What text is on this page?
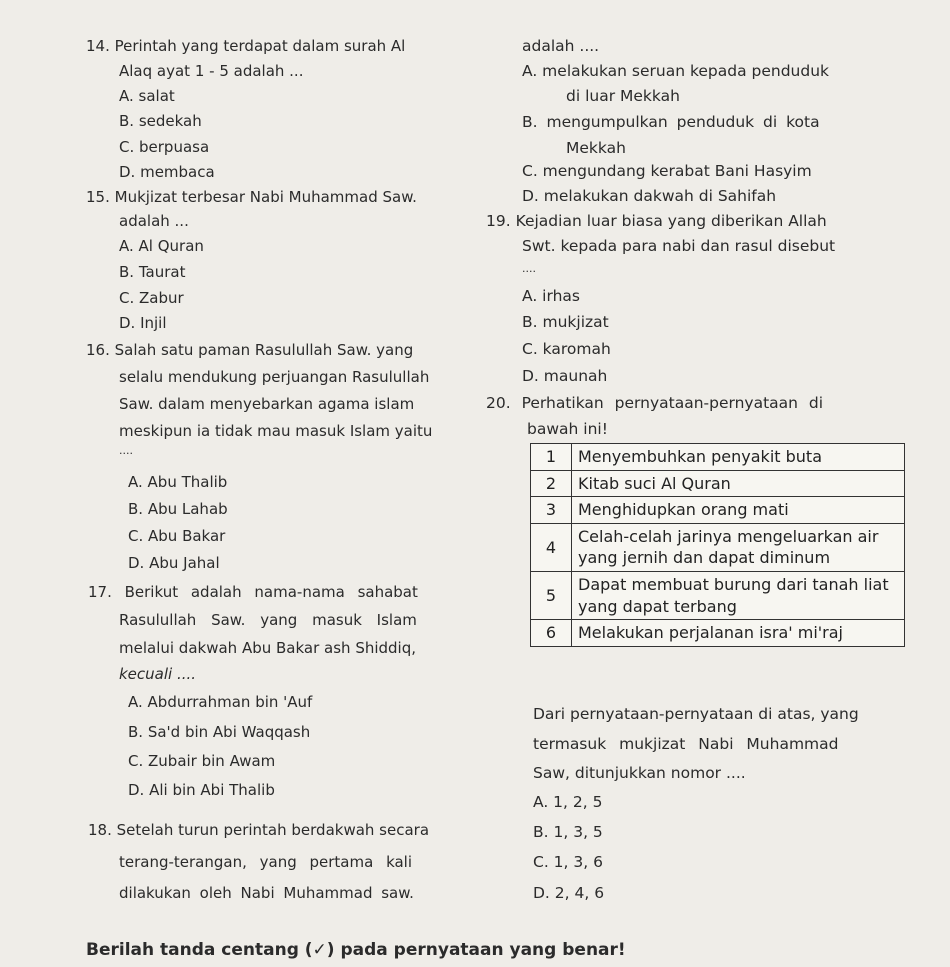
14. Perintah yang terdapat dalam surah Al
Alaq ayat 1 - 5 adalah ...
A. salat
B. sedekah
C. berpuasa
D. membaca
15. Mukjizat terbesar Nabi Muhammad Saw.
adalah ...
A. Al Quran
B. Taurat
C. Zabur
D. Injil
16. Salah satu paman Rasulullah Saw. yang
selalu mendukung perjuangan Rasulullah
Saw. dalam menyebarkan agama islam
meskipun ia tidak mau masuk Islam yaitu
....
A. Abu Thalib
B. Abu Lahab
C. Abu Bakar
D. Abu Jahal
17. Berikut adalah nama-nama sahabat
Rasulullah Saw. yang masuk Islam
melalui dakwah Abu Bakar ash Shiddiq,
kecuali ....
A. Abdurrahman bin 'Auf
B. Sa'd bin Abi Waqqash
C. Zubair bin Awam
D. Ali bin Abi Thalib
18. Setelah turun perintah berdakwah secara
terang-terangan, yang pertama kali
dilakukan oleh Nabi Muhammad saw.
adalah ....
A. melakukan seruan kepada penduduk
di luar Mekkah
B. mengumpulkan penduduk di kota
Mekkah
C. mengundang kerabat Bani Hasyim
D. melakukan dakwah di Sahifah
19. Kejadian luar biasa yang diberikan Allah
Swt. kepada para nabi dan rasul disebut
....
A. irhas
B. mukjizat
C. karomah
D. maunah
20. Perhatikan pernyataan-pernyataan di
bawah ini!
1	Menyembuhkan penyakit buta
2	Kitab suci Al Quran
3	Menghidupkan orang mati
4	Celah-celah jarinya mengeluarkan air yang jernih dan dapat diminum
5	Dapat membuat burung dari tanah liat yang dapat terbang
6	Melakukan perjalanan isra' mi'raj
Dari pernyataan-pernyataan di atas, yang
termasuk mukjizat Nabi Muhammad
Saw, ditunjukkan nomor ....
A. 1, 2, 5
B. 1, 3, 5
C. 1, 3, 6
D. 2, 4, 6
Berilah tanda centang (✓) pada pernyataan yang benar!
